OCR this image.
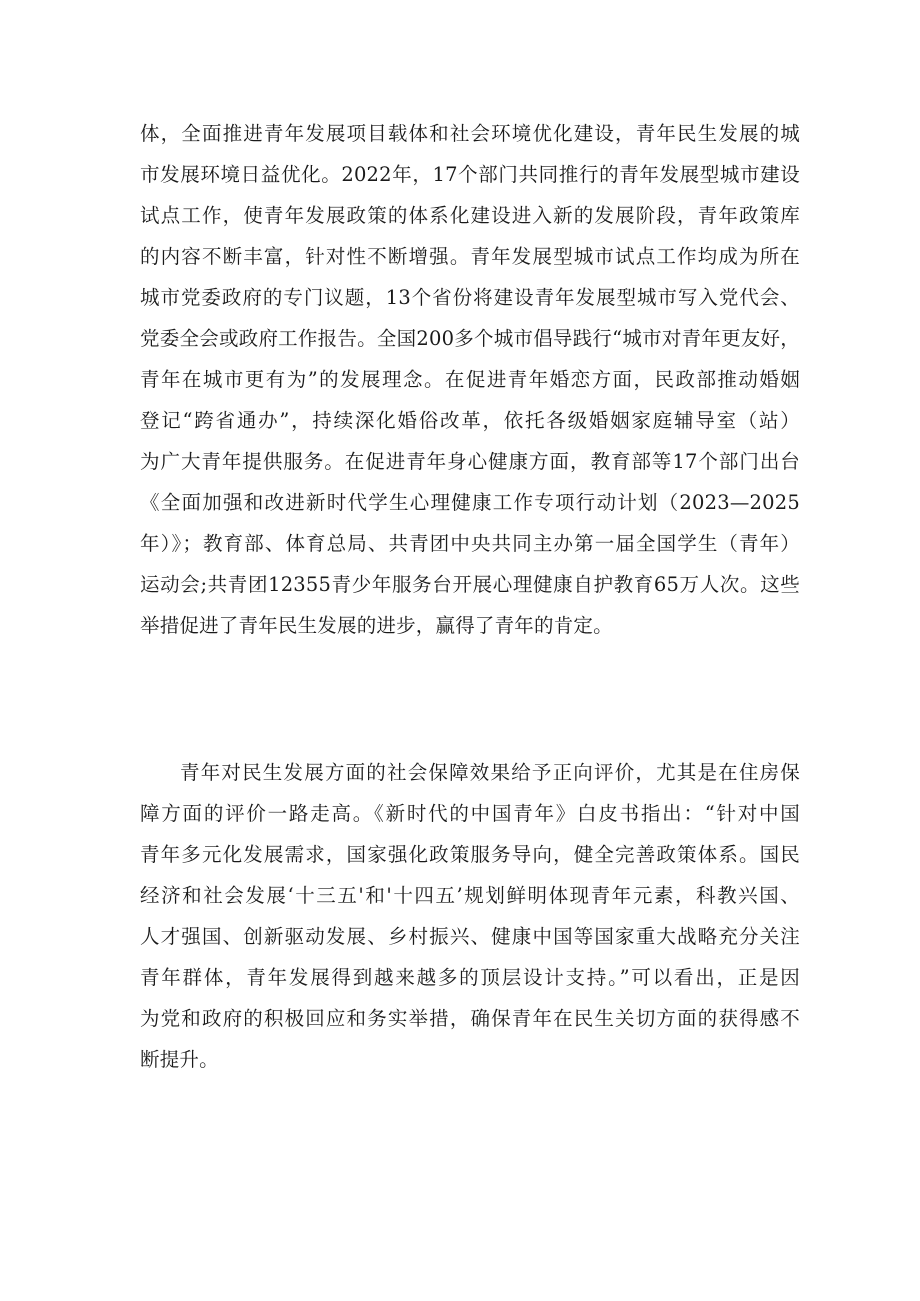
体，全面推进青年发展项目载体和社会环境优化建设，青年民生发展的城
市发展环境日益优化。2022年，17个部门共同推行的青年发展型城市建设
试点工作，使青年发展政策的体系化建设进入新的发展阶段，青年政策库
的内容不断丰富，针对性不断增强。青年发展型城市试点工作均成为所在
城市党委政府的专门议题，13个省份将建设青年发展型城市写入党代会、
党委全会或政府工作报告。全国200多个城市倡导践行“城市对青年更友好，
青年在城市更有为”的发展理念。在促进青年婚恋方面，民政部推动婚姻
登记“跨省通办”，持续深化婚俗改革，依托各级婚姻家庭辅导室（站）
为广大青年提供服务。在促进青年身心健康方面，教育部等17个部门出台
《全面加强和改进新时代学生心理健康工作专项行动计划（2023—2025
年）》；教育部、体育总局、共青团中央共同主办第一届全国学生（青年）
运动会;共青团12355青少年服务台开展心理健康自护教育65万人次。这些
举措促进了青年民生发展的进步，赢得了青年的肯定。
青年对民生发展方面的社会保障效果给予正向评价，尤其是在住房保
障方面的评价一路走高。《新时代的中国青年》白皮书指出：“针对中国
青年多元化发展需求，国家强化政策服务导向，健全完善政策体系。国民
经济和社会发展‘十三五'和'十四五’规划鲜明体现青年元素，科教兴国、
人才强国、创新驱动发展、乡村振兴、健康中国等国家重大战略充分关注
青年群体，青年发展得到越来越多的顶层设计支持。”可以看出，正是因
为党和政府的积极回应和务实举措，确保青年在民生关切方面的获得感不
断提升。
